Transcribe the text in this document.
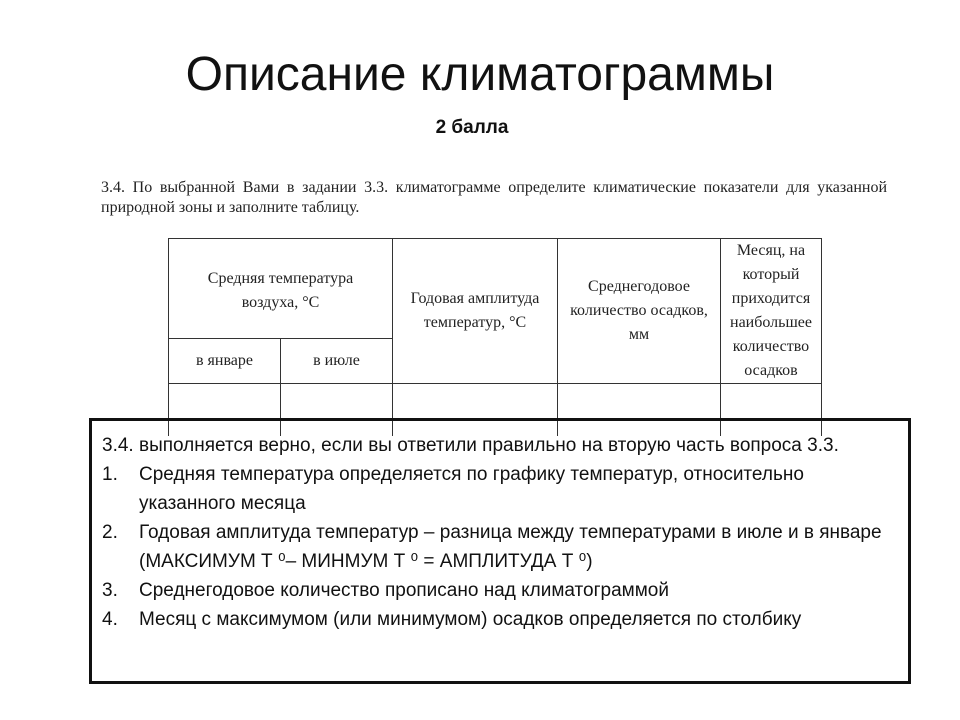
Описание климатограммы
2 балла
3.4. По выбранной Вами в задании 3.3. климатограмме определите климатические показатели для указанной природной зоны и заполните таблицу.
Средняя температура воздуха, °С		Годовая амплитуда температур, °С	Среднегодовое количество осадков, мм	Месяц, на который приходится наибольшее количество осадков
в январе	в июле			

3.4. выполняется верно, если вы ответили правильно на вторую часть вопроса 3.3.

1.	Средняя температура определяется по графику температур, относительно указанного месяца
2.	Годовая амплитуда температур – разница между температурами в июле и в январе (МАКСИМУМ Т ⁰– МИНМУМ Т ⁰ = АМПЛИТУДА Т ⁰)
3.	Среднегодовое количество прописано над климатограммой
4.	Месяц с максимумом (или минимумом) осадков определяется по столбику
